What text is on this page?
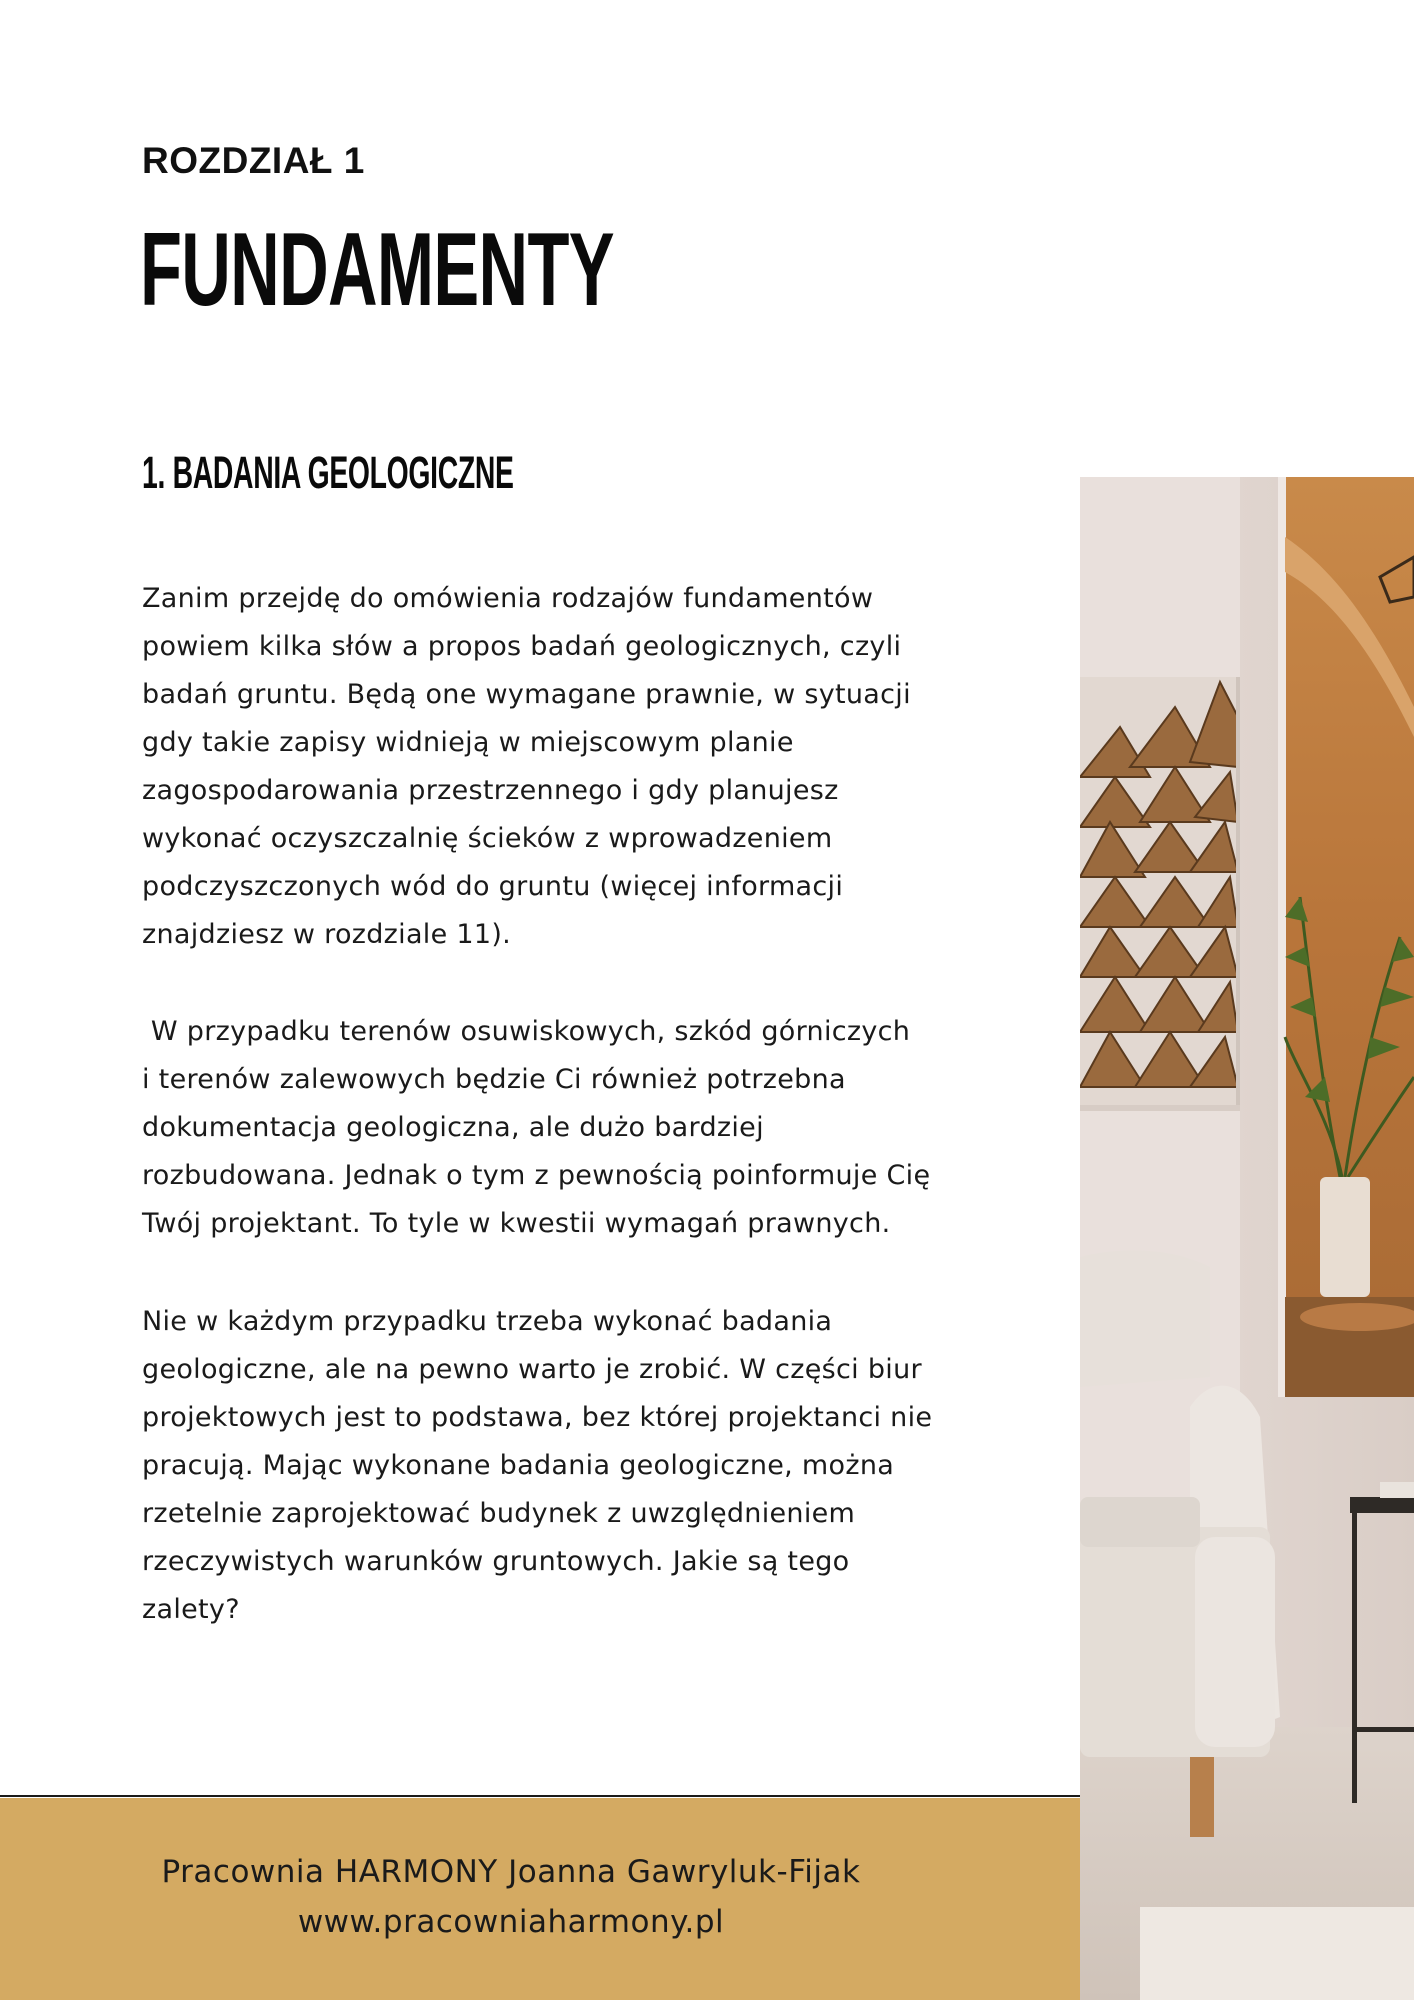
ROZDZIAŁ 1
FUNDAMENTY
1. BADANIA GEOLOGICZNE
Zanim przejdę do omówienia rodzajów fundamentów
powiem kilka słów a propos badań geologicznych, czyli
badań gruntu. Będą one wymagane prawnie, w sytuacji
gdy takie zapisy widnieją w miejscowym planie
zagospodarowania przestrzennego i gdy planujesz
wykonać oczyszczalnię ścieków z wprowadzeniem
podczyszczonych wód do gruntu (więcej informacji
znajdziesz w rozdziale 11).
W przypadku terenów osuwiskowych, szkód górniczych
i terenów zalewowych będzie Ci również potrzebna
dokumentacja geologiczna, ale dużo bardziej
rozbudowana. Jednak o tym z pewnością poinformuje Cię
Twój projektant. To tyle w kwestii wymagań prawnych.
Nie w każdym przypadku trzeba wykonać badania
geologiczne, ale na pewno warto je zrobić. W części biur
projektowych jest to podstawa, bez której projektanci nie
pracują. Mając wykonane badania geologiczne, można
rzetelnie zaprojektować budynek z uwzględnieniem
rzeczywistych warunków gruntowych. Jakie są tego
zalety?
Pracownia HARMONY Joanna Gawryluk-Fijak
www.pracowniaharmony.pl
